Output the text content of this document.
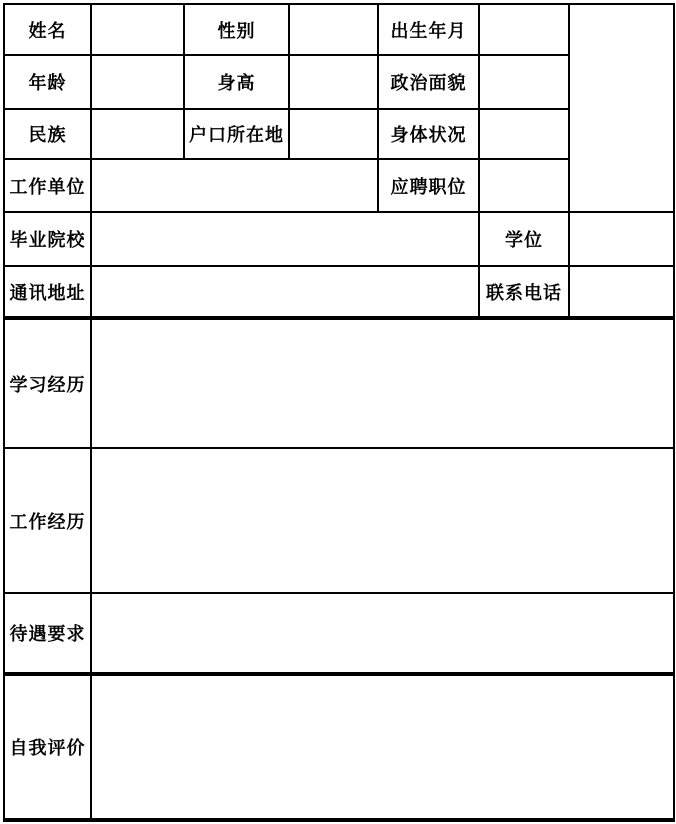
姓名		性别		出生年月		
年龄		身高		政治面貌		
民族		户口所在地		身体状况		
工作单位				应聘职位		
毕业院校					学位	
通讯地址					联系电话	
学习经历						
工作经历						
待遇要求						
自我评价						
